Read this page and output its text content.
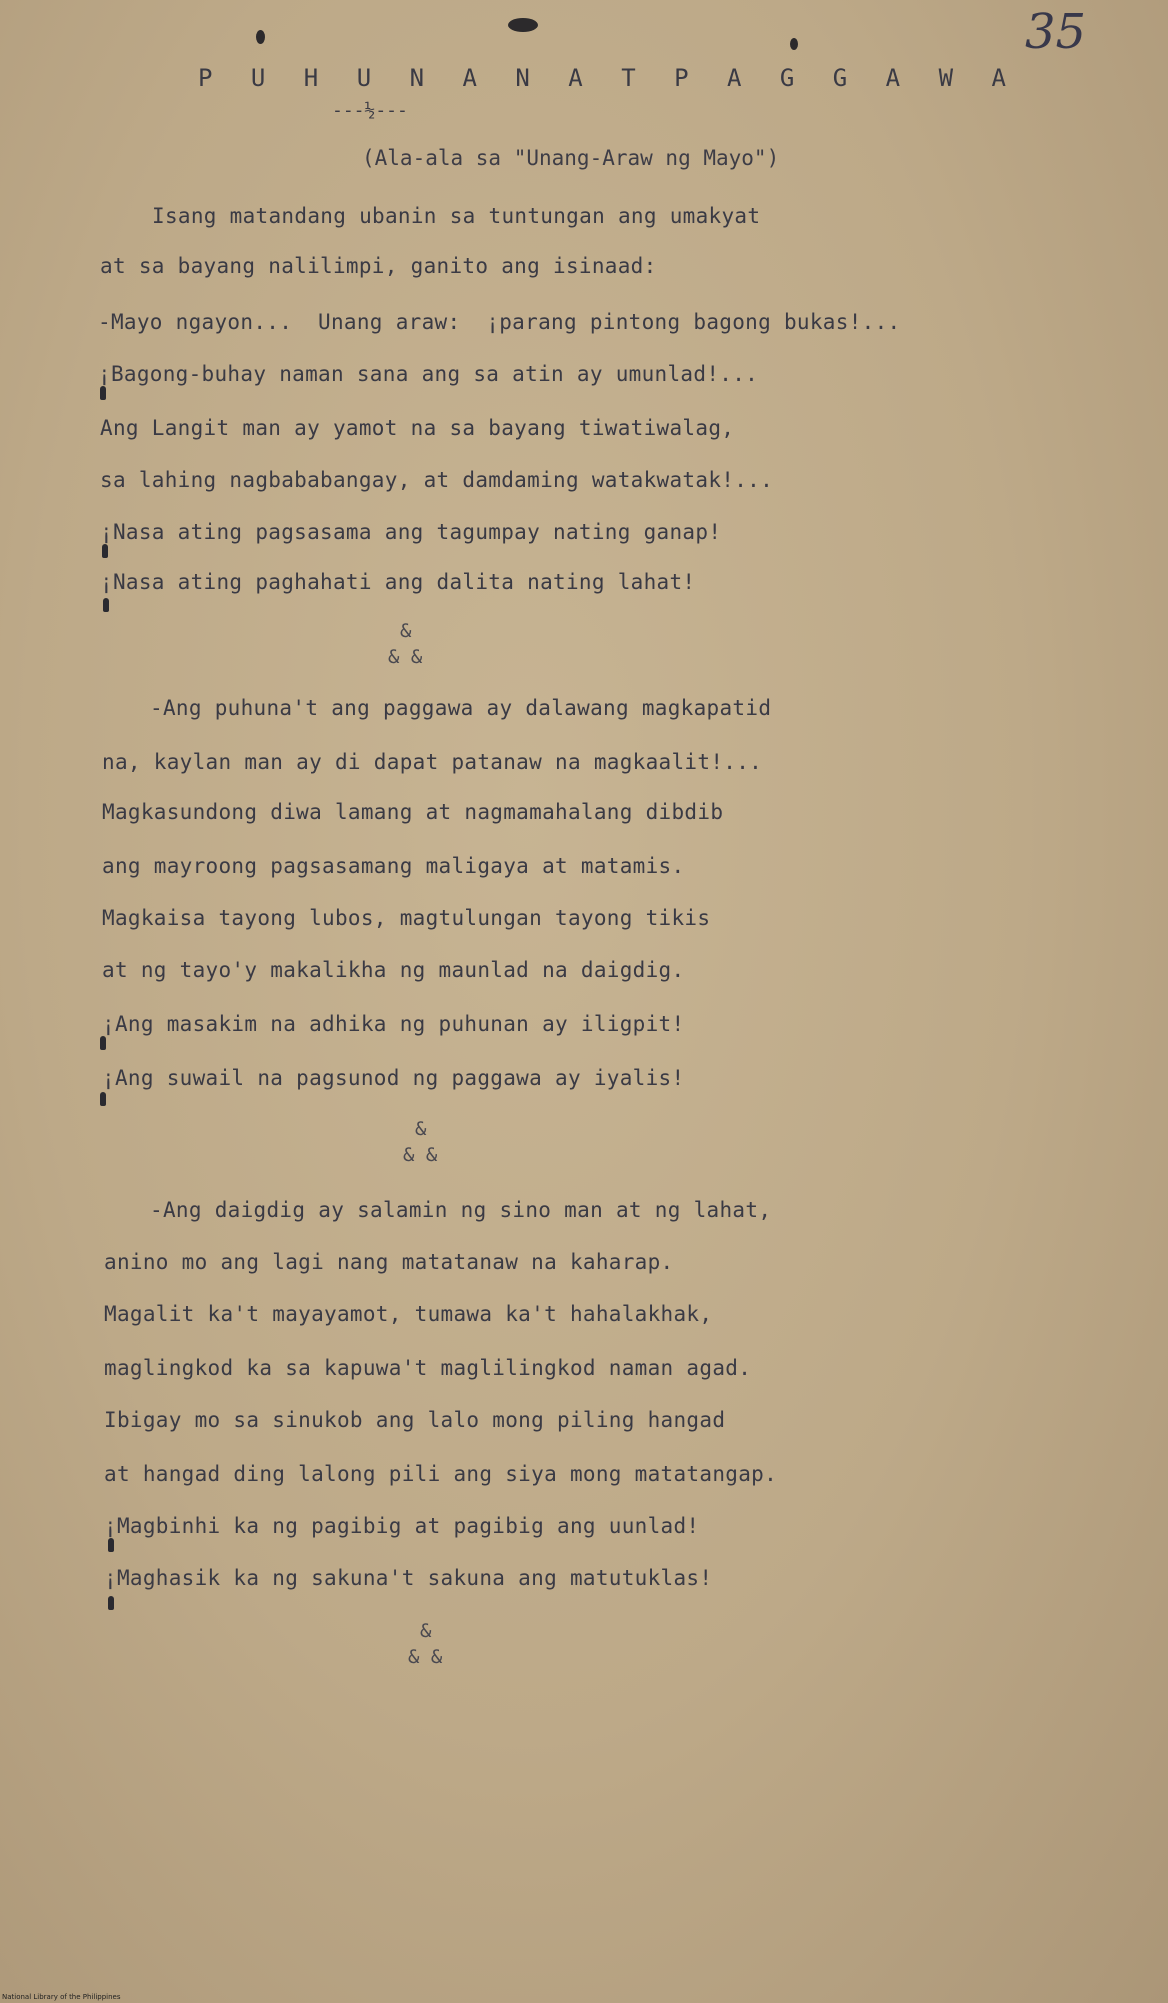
35
P U H U N A N A T P A G G A W A
---½---
(Ala-ala sa "Unang-Araw ng Mayo")
Isang matandang ubanin sa tuntungan ang umakyat
at sa bayang nalilimpi, ganito ang isinaad:
-Mayo ngayon...  Unang araw:  ¡parang pintong bagong bukas!...
¡Bagong-buhay naman sana ang sa atin ay umunlad!...
Ang Langit man ay yamot na sa bayang tiwatiwalag,
sa lahing nagbababangay, at damdaming watakwatak!...
¡Nasa ating pagsasama ang tagumpay nating ganap!
¡Nasa ating paghahati ang dalita nating lahat!
&
& &
-Ang puhuna't ang paggawa ay dalawang magkapatid
na, kaylan man ay di dapat patanaw na magkaalit!...
Magkasundong diwa lamang at nagmamahalang dibdib
ang mayroong pagsasamang maligaya at matamis.
Magkaisa tayong lubos, magtulungan tayong tikis
at ng tayo'y makalikha ng maunlad na daigdig.
¡Ang masakim na adhika ng puhunan ay iligpit!
¡Ang suwail na pagsunod ng paggawa ay iyalis!
&
& &
-Ang daigdig ay salamin ng sino man at ng lahat,
anino mo ang lagi nang matatanaw na kaharap.
Magalit ka't mayayamot, tumawa ka't hahalakhak,
maglingkod ka sa kapuwa't maglilingkod naman agad.
Ibigay mo sa sinukob ang lalo mong piling hangad
at hangad ding lalong pili ang siya mong matatangap.
¡Magbinhi ka ng pagibig at pagibig ang uunlad!
¡Maghasik ka ng sakuna't sakuna ang matutuklas!
&
& &
National Library of the Philippines
